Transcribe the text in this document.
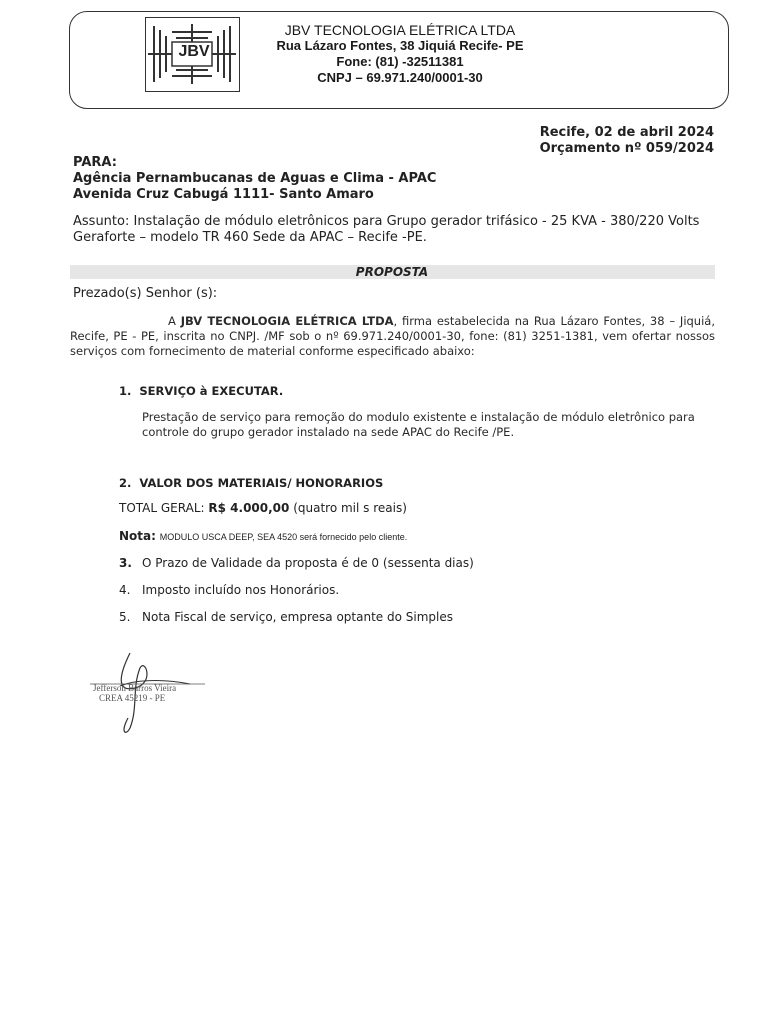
JBV
JBV TECNOLOGIA ELÉTRICA LTDA
Rua Lázaro Fontes, 38 Jiquiá Recife- PE
Fone: (81) -32511381
CNPJ – 69.971.240/0001-30
Recife, 02 de abril 2024
Orçamento nº 059/2024
PARA:
Agência Pernambucanas de Aguas e Clima - APAC
Avenida Cruz Cabugá 1111- Santo Amaro
Assunto: Instalação de módulo eletrônicos para Grupo gerador trifásico - 25 KVA - 380/220 Volts
Geraforte – modelo TR 460 Sede da APAC – Recife -PE.
PROPOSTA
Prezado(s) Senhor (s):
A JBV TECNOLOGIA ELÉTRICA LTDA, firma estabelecida na Rua Lázaro Fontes, 38 – Jiquiá, Recife, PE - PE, inscrita no CNPJ. /MF sob o nº 69.971.240/0001-30, fone: (81) 3251-1381, vem ofertar nossos serviços com fornecimento de material conforme especificado abaixo:
1. SERVIÇO à EXECUTAR.
Prestação de serviço para remoção do modulo existente e instalação de módulo eletrônico para controle do grupo gerador instalado na sede APAC do Recife /PE.
2. VALOR DOS MATERIAIS/ HONORARIOS
TOTAL GERAL: R$ 4.000,00 (quatro mil s reais)
Nota: MODULO USCA DEEP, SEA 4520 será fornecido pelo cliente.
3. O Prazo de Validade da proposta é de 0 (sessenta dias)
4. Imposto incluído nos Honorários.
5. Nota Fiscal de serviço, empresa optante do Simples
Jefferson Barros Vieira
CREA 45219 - PE
